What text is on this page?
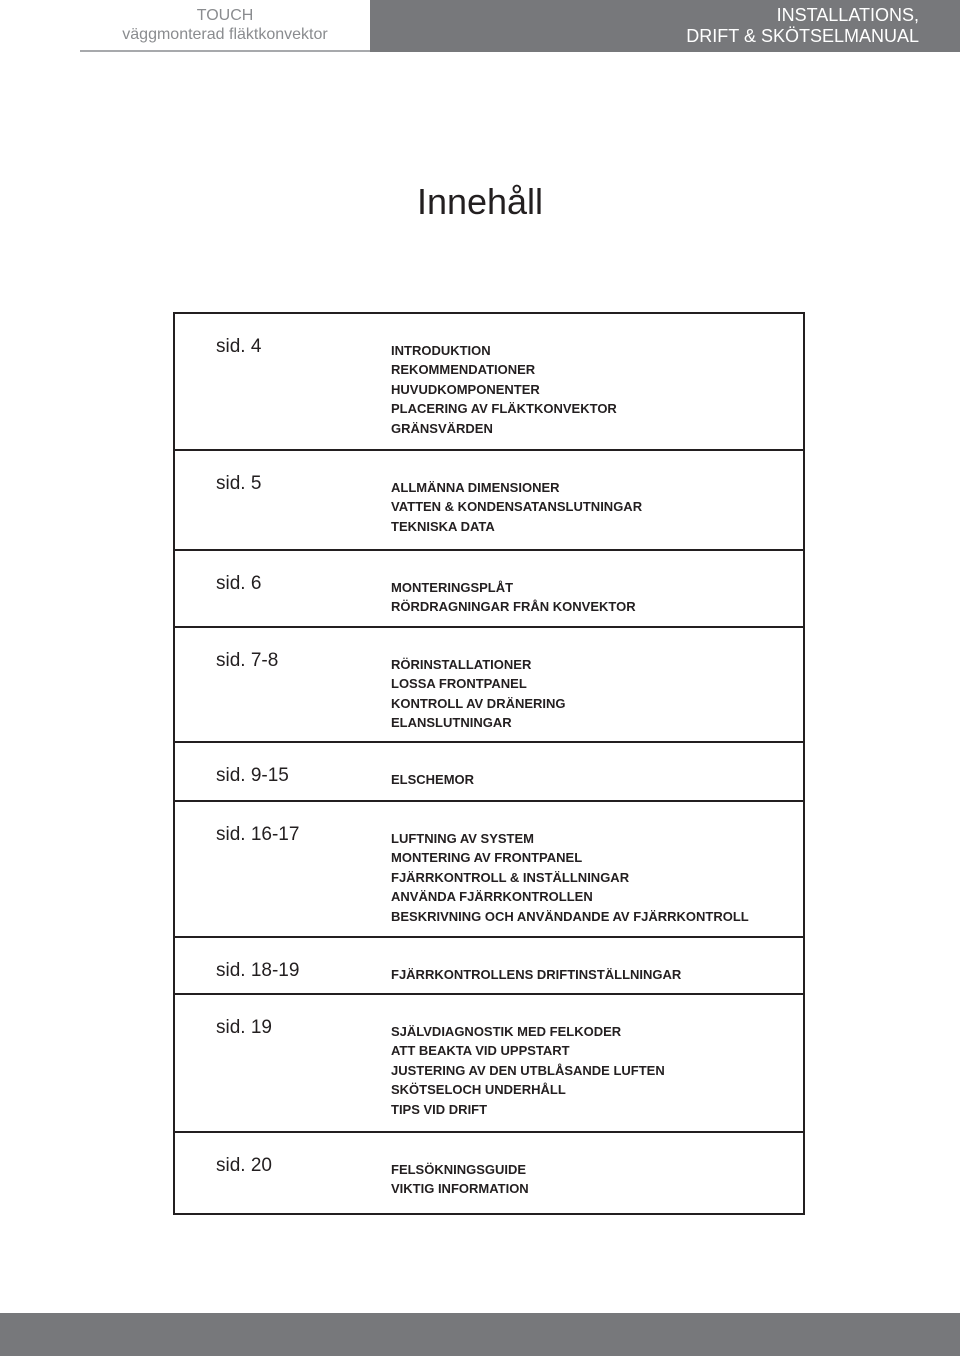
TOUCH
väggmonterad fläktkonvektor
INSTALLATIONS,
DRIFT & SKÖTSELMANUAL
Innehåll
sid. 4	INTRODUKTION
REKOMMENDATIONER
HUVUDKOMPONENTER
PLACERING AV FLÄKTKONVEKTOR
GRÄNSVÄRDEN
sid. 5	ALLMÄNNA DIMENSIONER
VATTEN & KONDENSATANSLUTNINGAR
TEKNISKA DATA
sid. 6	MONTERINGSPLÅT
RÖRDRAGNINGAR FRÅN KONVEKTOR
sid. 7-8	RÖRINSTALLATIONER
LOSSA FRONTPANEL
KONTROLL AV DRÄNERING
ELANSLUTNINGAR
sid. 9-15	ELSCHEMOR
sid. 16-17	LUFTNING AV SYSTEM
MONTERING AV FRONTPANEL
FJÄRRKONTROLL & INSTÄLLNINGAR
ANVÄNDA FJÄRRKONTROLLEN
BESKRIVNING OCH ANVÄNDANDE AV FJÄRRKONTROLL
sid. 18-19	FJÄRRKONTROLLENS DRIFTINSTÄLLNINGAR
sid. 19	SJÄLVDIAGNOSTIK MED FELKODER
ATT BEAKTA VID UPPSTART
JUSTERING AV DEN UTBLÅSANDE LUFTEN
SKÖTSELOCH UNDERHÅLL
TIPS VID DRIFT
sid. 20	FELSÖKNINGSGUIDE
VIKTIG INFORMATION
